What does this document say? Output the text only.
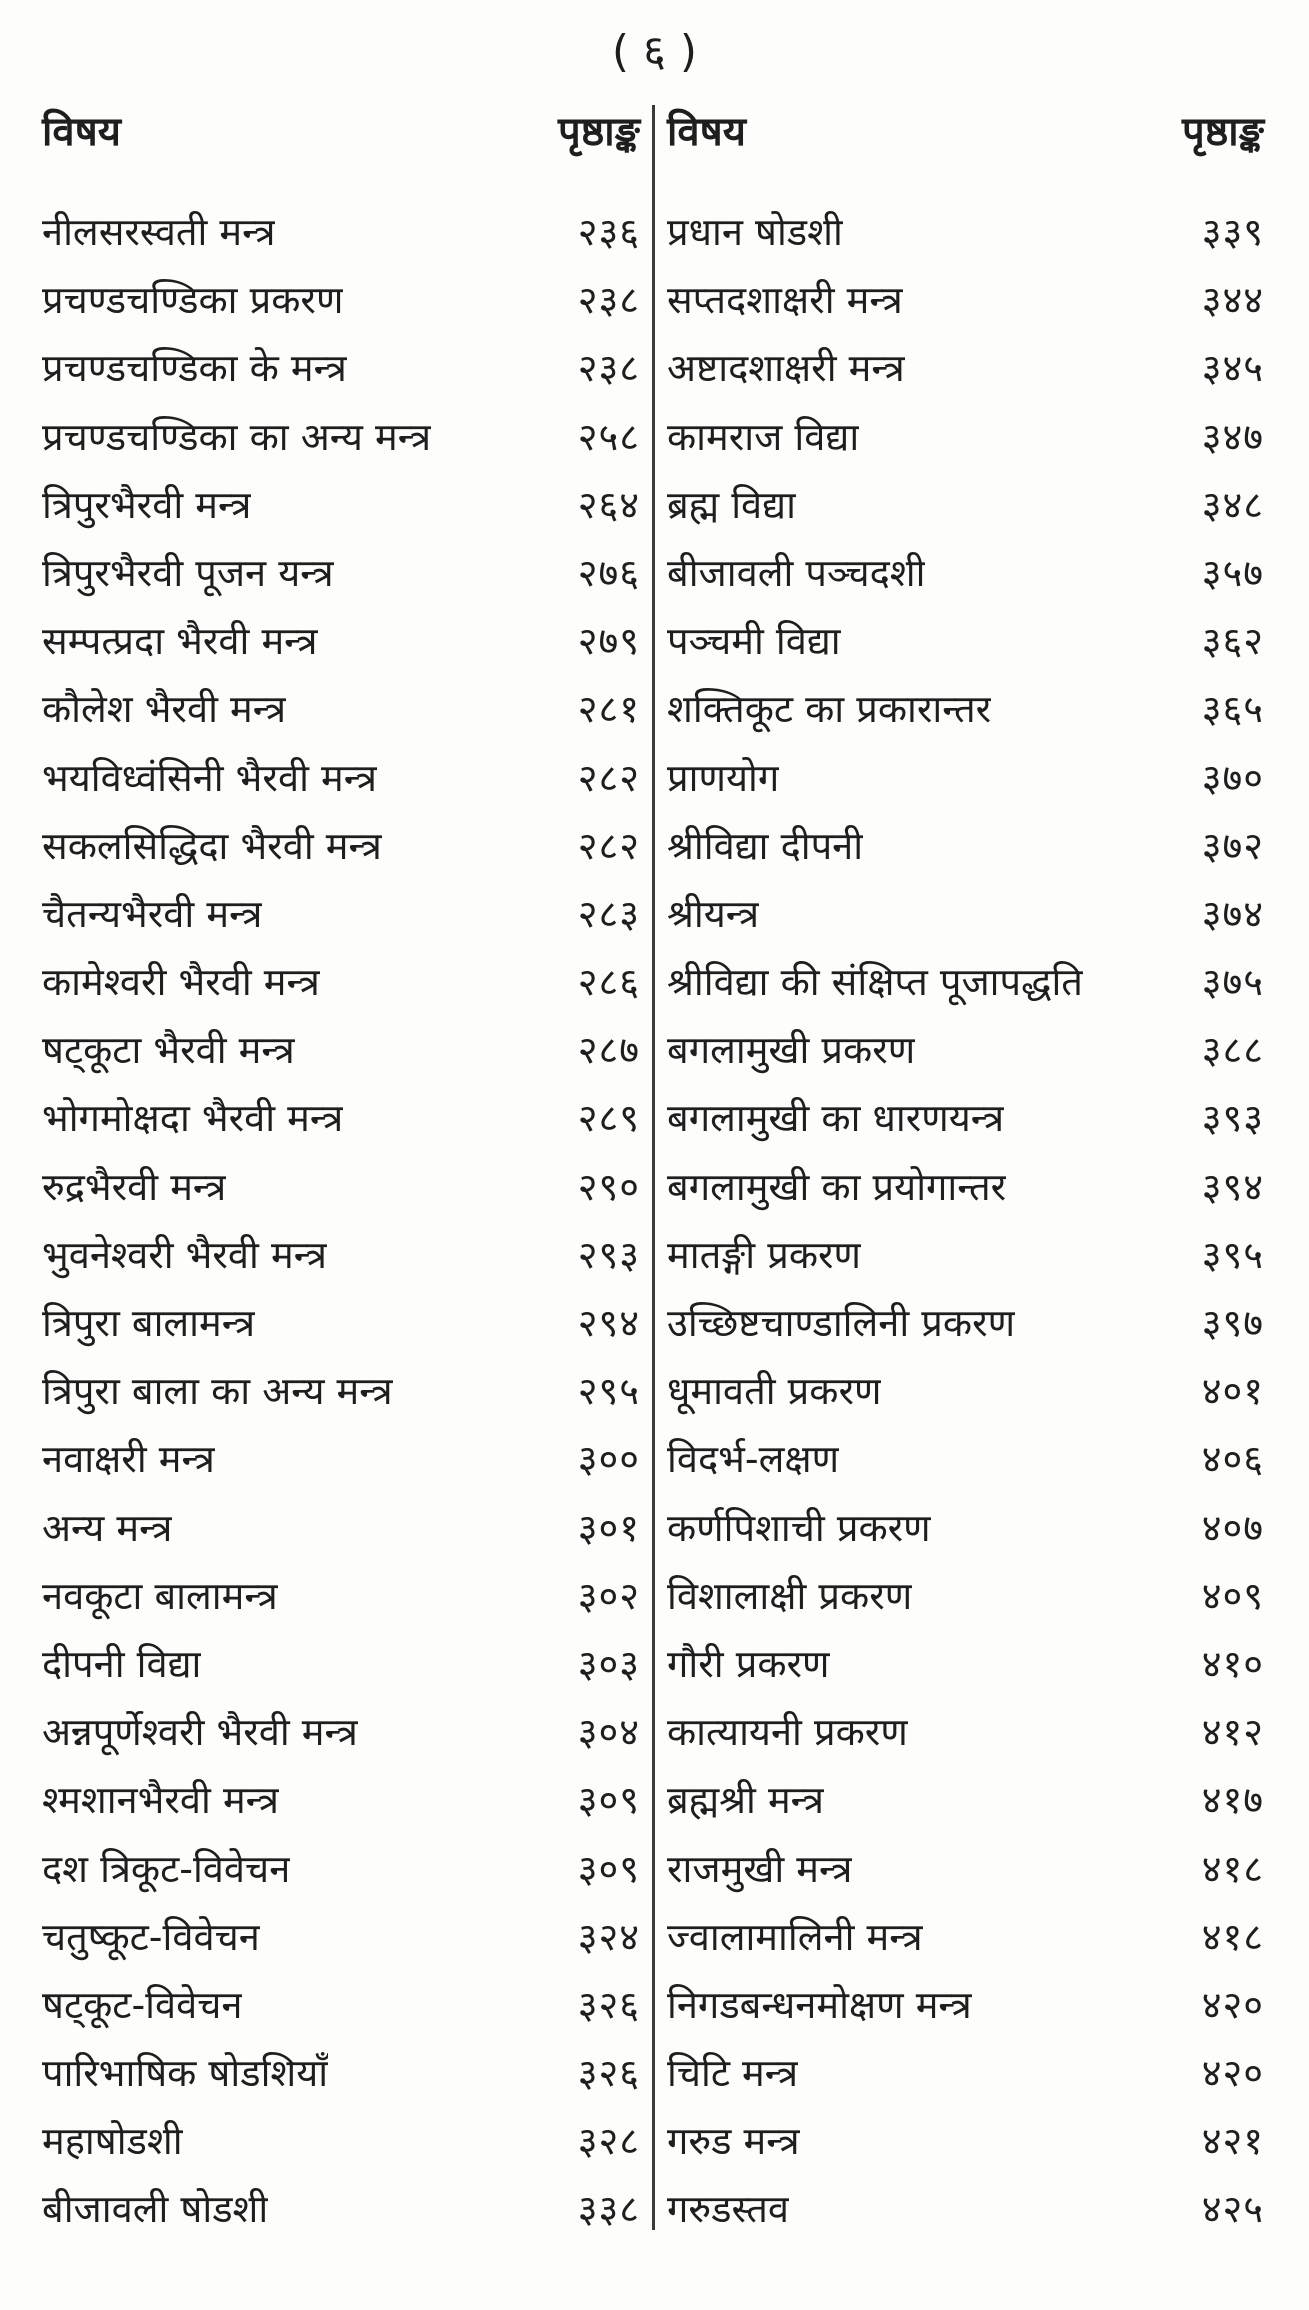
( ६ )
विषय	पृष्ठाङ्क
नीलसरस्वती मन्त्र	२३६
प्रचण्डचण्डिका प्रकरण	२३८
प्रचण्डचण्डिका के मन्त्र	२३८
प्रचण्डचण्डिका का अन्य मन्त्र	२५८
त्रिपुरभैरवी मन्त्र	२६४
त्रिपुरभैरवी पूजन यन्त्र	२७६
सम्पत्प्रदा भैरवी मन्त्र	२७९
कौलेश भैरवी मन्त्र	२८१
भयविध्वंसिनी भैरवी मन्त्र	२८२
सकलसिद्धिदा भैरवी मन्त्र	२८२
चैतन्यभैरवी मन्त्र	२८३
कामेश्वरी भैरवी मन्त्र	२८६
षट्कूटा भैरवी मन्त्र	२८७
भोगमोक्षदा भैरवी मन्त्र	२८९
रुद्रभैरवी मन्त्र	२९०
भुवनेश्वरी भैरवी मन्त्र	२९३
त्रिपुरा बालामन्त्र	२९४
त्रिपुरा बाला का अन्य मन्त्र	२९५
नवाक्षरी मन्त्र	३००
अन्य मन्त्र	३०१
नवकूटा बालामन्त्र	३०२
दीपनी विद्या	३०३
अन्नपूर्णेश्वरी भैरवी मन्त्र	३०४
श्मशानभैरवी मन्त्र	३०९
दश त्रिकूट-विवेचन	३०९
चतुष्कूट-विवेचन	३२४
षट्कूट-विवेचन	३२६
पारिभाषिक षोडशियाँ	३२६
महाषोडशी	३२८
बीजावली षोडशी	३३८
विषय	पृष्ठाङ्क
प्रधान षोडशी	३३९
सप्तदशाक्षरी मन्त्र	३४४
अष्टादशाक्षरी मन्त्र	३४५
कामराज विद्या	३४७
ब्रह्म विद्या	३४८
बीजावली पञ्चदशी	३५७
पञ्चमी विद्या	३६२
शक्तिकूट का प्रकारान्तर	३६५
प्राणयोग	३७०
श्रीविद्या दीपनी	३७२
श्रीयन्त्र	३७४
श्रीविद्या की संक्षिप्त पूजापद्धति	३७५
बगलामुखी प्रकरण	३८८
बगलामुखी का धारणयन्त्र	३९३
बगलामुखी का प्रयोगान्तर	३९४
मातङ्गी प्रकरण	३९५
उच्छिष्टचाण्डालिनी प्रकरण	३९७
धूमावती प्रकरण	४०१
विदर्भ-लक्षण	४०६
कर्णपिशाची प्रकरण	४०७
विशालाक्षी प्रकरण	४०९
गौरी प्रकरण	४१०
कात्यायनी प्रकरण	४१२
ब्रह्मश्री मन्त्र	४१७
राजमुखी मन्त्र	४१८
ज्वालामालिनी मन्त्र	४१८
निगडबन्धनमोक्षण मन्त्र	४२०
चिटि मन्त्र	४२०
गरुड मन्त्र	४२१
गरुडस्तव	४२५
